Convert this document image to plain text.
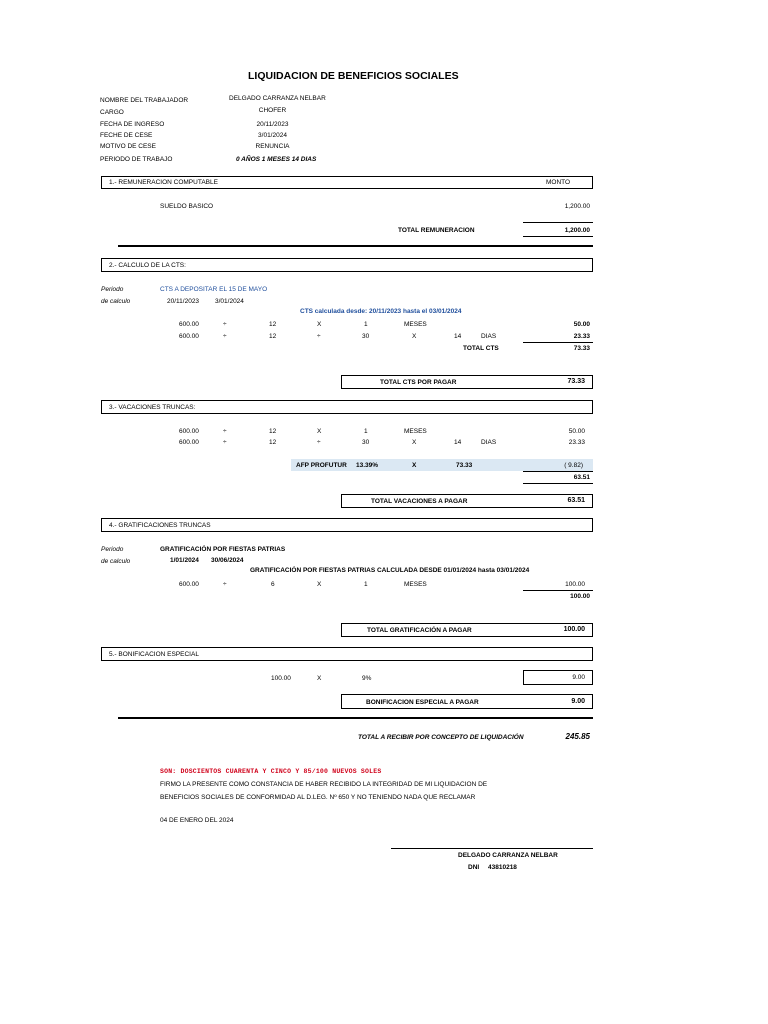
LIQUIDACION DE BENEFICIOS SOCIALES
NOMBRE DEL TRABAJADOR	DELGADO CARRANZA NELBAR
CARGO	CHOFER
FECHA DE INGRESO	20/11/2023
FECHE DE CESE	3/01/2024
MOTIVO DE CESE	RENUNCIA
PERIODO DE TRABAJO	0 AÑOS 1 MESES 14 DIAS
1.- REMUNERACION COMPUTABLE	MONTO
SUELDO BASICO	1,200.00
TOTAL REMUNERACION	1,200.00
2.- CALCULO DE LA CTS:
Periodo
de calculo
CTS A DEPOSITAR EL 15 DE MAYO
20/11/2023 3/01/2024
CTS calculada desde: 20/11/2023 hasta el 03/01/2024
600.00	÷	12	X	1	MESES	50.00
600.00	÷	12	÷	30	X	14	DIAS	23.33
TOTAL CTS	73.33
TOTAL CTS POR PAGAR	73.33
3.- VACACIONES TRUNCAS:
600.00	÷	12	X	1	MESES	50.00
600.00	÷	12	÷	30	X	14	DIAS	23.33
AFP PROFUTUR 13.39%	X	73.33	( 9.82)
63.51
TOTAL VACACIONES A PAGAR	63.51
4.- GRATIFICACIONES TRUNCAS
Periodo
de calculo
GRATIFICACIÓN POR FIESTAS PATRIAS
1/01/2024 30/06/2024
GRATIFICACIÓN POR FIESTAS PATRIAS CALCULADA DESDE 01/01/2024 hasta 03/01/2024
600.00	÷	6	X	1	MESES	100.00
100.00
TOTAL GRATIFICACIÓN A PAGAR	100.00
5.- BONIFICACION ESPECIAL
100.00	X	9%	9.00
BONIFICACION ESPECIAL A PAGAR	9.00
TOTAL A RECIBIR POR CONCEPTO DE LIQUIDACIÓN	245.85
SON: DOSCIENTOS CUARENTA Y CINCO Y 85/100 NUEVOS SOLES
FIRMO LA PRESENTE COMO CONSTANCIA DE HABER RECIBIDO LA INTEGRIDAD DE MI LIQUIDACION DE
BENEFICIOS SOCIALES DE CONFORMIDAD AL D.LEG. Nº 650 Y NO TENIENDO NADA QUE RECLAMAR
04 DE ENERO DEL 2024
DELGADO CARRANZA NELBAR
DNI 43810218
